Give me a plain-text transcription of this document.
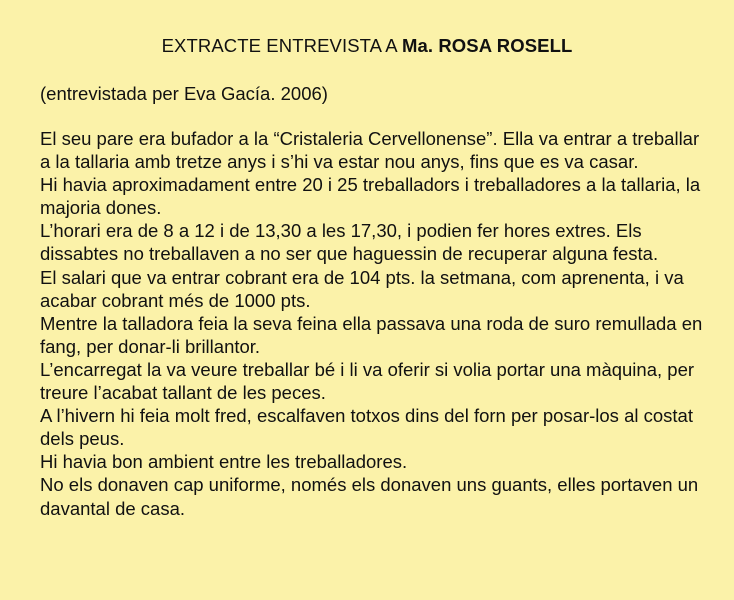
EXTRACTE ENTREVISTA A Ma. ROSA ROSELL
(entrevistada per Eva Gacía. 2006)

El seu pare era bufador a la “Cristaleria Cervellonense”. Ella va entrar a treballar a la tallaria amb tretze anys i s’hi va estar nou anys, fins que es va casar.

Hi havia aproximadament entre 20 i 25 treballadors i treballadores a la tallaria, la majoria dones.

L’horari era de 8 a 12 i de 13,30 a les 17,30, i podien fer hores extres. Els dissabtes no treballaven a no ser que haguessin de recuperar alguna festa.

El salari que va entrar cobrant era de 104 pts. la setmana, com aprenenta, i va acabar cobrant més de 1000 pts.

Mentre la talladora feia la seva feina ella passava una roda de suro remullada en fang, per donar-li brillantor.

L’encarregat la va veure treballar bé i li va oferir si volia portar una màquina, per treure l’acabat tallant de les peces.

A l’hivern hi feia molt fred, escalfaven totxos dins del forn per posar-los al costat dels peus.

Hi havia bon ambient entre les treballadores.

No els donaven cap uniforme, només els donaven uns guants, elles portaven un davantal de casa.
